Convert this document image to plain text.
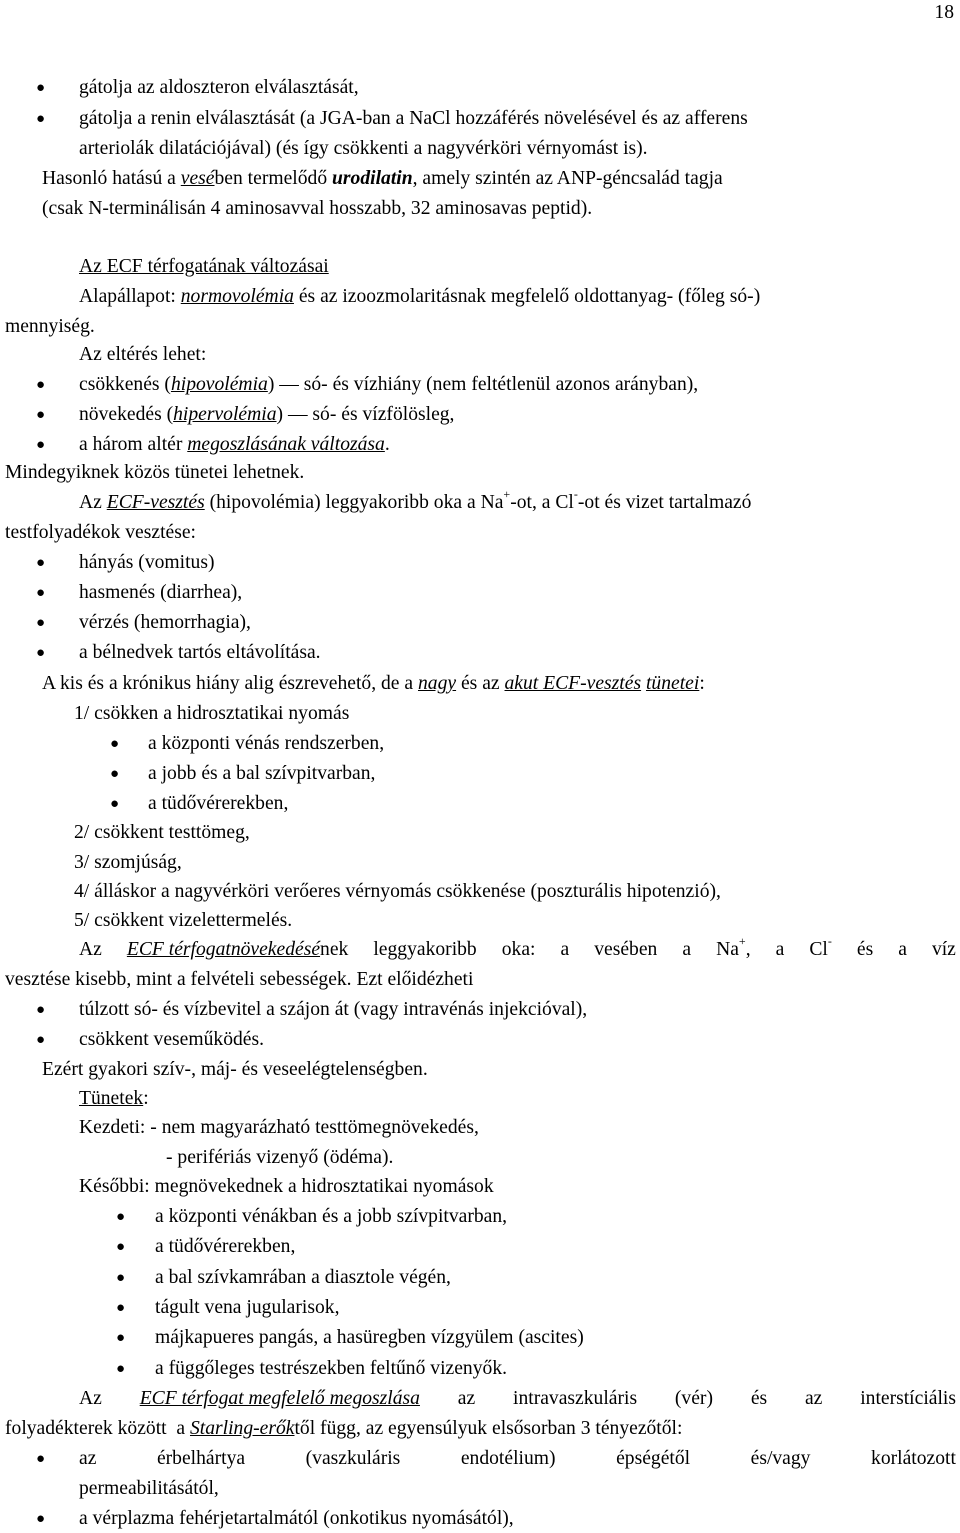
18
● gátolja az aldoszteron elválasztását,
● gátolja a renin elválasztását (a JGA-ban a NaCl hozzáférés növelésével és az afferens
arteriolák dilatációjával) (és így csökkenti a nagyvérköri vérnyomást is).
Hasonló hatású a vesében termelődő urodilatin, amely szintén az ANP-géncsalád tagja
(csak N-terminálisán 4 aminosavval hosszabb, 32 aminosavas peptid).
Az ECF térfogatának változásai
Alapállapot: normovolémia és az izoozmolaritásnak megfelelő oldottanyag- (főleg só-)
mennyiség.
Az eltérés lehet:
● csökkenés (hipovolémia) — só- és vízhiány (nem feltétlenül azonos arányban),
● növekedés (hipervolémia) — só- és vízfölösleg,
● a három altér megoszlásának változása.
Mindegyiknek közös tünetei lehetnek.
Az ECF-vesztés (hipovolémia) leggyakoribb oka a Na+-ot, a Cl--ot és vizet tartalmazó
testfolyadékok vesztése:
● hányás (vomitus)
● hasmenés (diarrhea),
● vérzés (hemorrhagia),
● a bélnedvek tartós eltávolítása.
A kis és a krónikus hiány alig észrevehető, de a nagy és az akut ECF-vesztés tünetei:
1/ csökken a hidrosztatikai nyomás
● a központi vénás rendszerben,
● a jobb és a bal szívpitvarban,
● a tüdővérerekben,
2/ csökkent testtömeg,
3/ szomjúság,
4/ álláskor a nagyvérköri verőeres vérnyomás csökkenése (poszturális hipotenzió),
5/ csökkent vizelettermelés.
Az ECF térfogatnövekedésének leggyakoribb oka: a vesében a Na+, a Cl- és a víz
vesztése kisebb, mint a felvételi sebességek. Ezt előidézheti
● túlzott só- és vízbevitel a szájon át (vagy intravénás injekcióval),
● csökkent veseműködés.
Ezért gyakori szív-, máj- és veseelégtelenségben.
Tünetek:
Kezdeti: - nem magyarázható testtömegnövekedés,
- perifériás vizenyő (ödéma).
Későbbi: megnövekednek a hidrosztatikai nyomások
● a központi vénákban és a jobb szívpitvarban,
● a tüdővérerekben,
● a bal szívkamrában a diasztole végén,
● tágult vena jugularisok,
● májkapueres pangás, a hasüregben vízgyülem (ascites)
● a függőleges testrészekben feltűnő vizenyők.
Az ECF térfogat megfelelő megoszlása az intravaszkuláris (vér) és az interstíciális
folyadékterek között  a Starling-erőktől függ, az egyensúlyuk elsősorban 3 tényezőtől:
● az	érbelhártya	(vaszkuláris	endotélium)	épségétől	és/vagy	korlátozott
permeabilitásától,
● a vérplazma fehérjetartalmától (onkotikus nyomásától),
